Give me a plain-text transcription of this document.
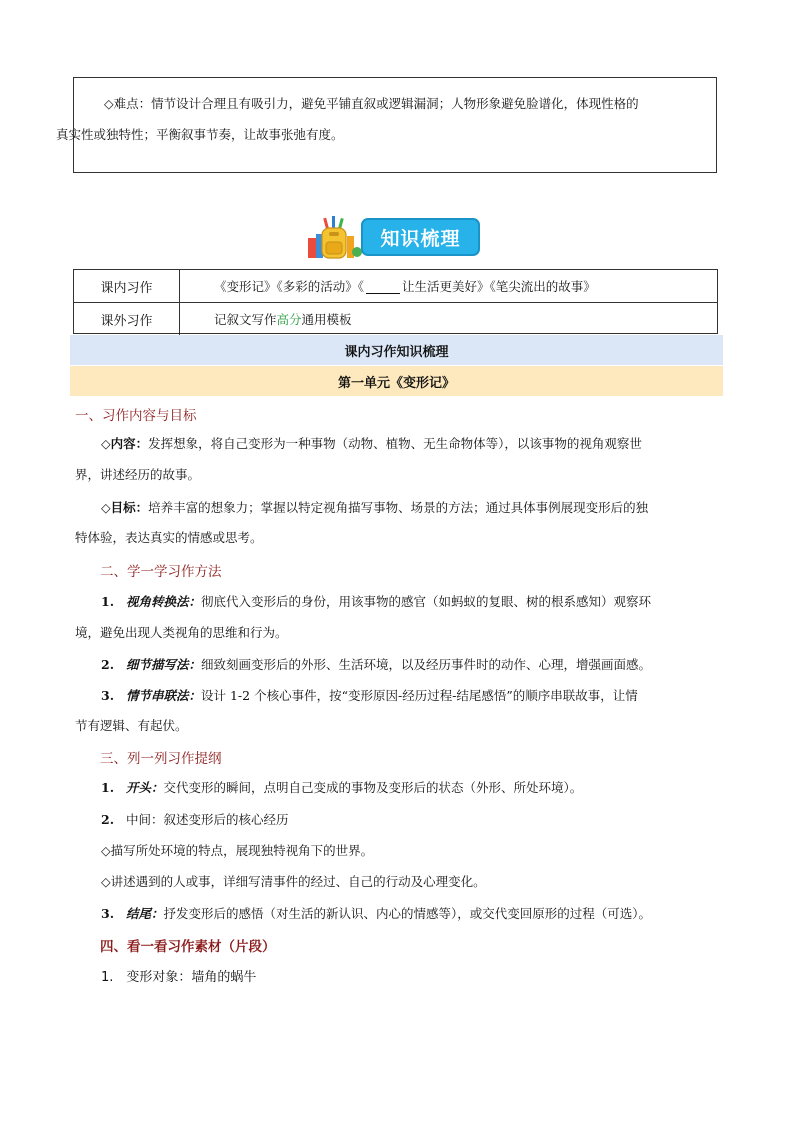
◇难点：情节设计合理且有吸引力，避免平铺直叙或逻辑漏洞；人物形象避免脸谱化，体现性格的
真实性或独特性；平衡叙事节奏，让故事张弛有度。
知识梳理
课内习作	《变形记》《多彩的活动》《	让生活更美好》《笔尖流出的故事》
课外习作	记叙文写作 高分 通用模板
课内习作知识梳理
第一单元《变形记》
一、习作内容与目标
◇内容：发挥想象，将自己变形为一种事物（动物、植物、无生命物体等），以该事物的视角观察世
界，讲述经历的故事。
◇目标：培养丰富的想象力；掌握以特定视角描写事物、场景的方法；通过具体事例展现变形后的独
特体验，表达真实的情感或思考。
二、学一学习作方法
1. 视角转换法：彻底代入变形后的身份，用该事物的感官（如蚂蚁的复眼、树的根系感知）观察环
境，避免出现人类视角的思维和行为。
2. 细节描写法：细致刻画变形后的外形、生活环境，以及经历事件时的动作、心理，增强画面感。
3. 情节串联法：设计 1-2 个核心事件，按“变形原因-经历过程-结尾感悟”的顺序串联故事，让情
节有逻辑、有起伏。
三、列一列习作提纲
1. 开头：交代变形的瞬间，点明自己变成的事物及变形后的状态（外形、所处环境）。
2. 中间：叙述变形后的核心经历
◇描写所处环境的特点，展现独特视角下的世界。
◇讲述遇到的人或事，详细写清事件的经过、自己的行动及心理变化。
3. 结尾：抒发变形后的感悟（对生活的新认识、内心的情感等），或交代变回原形的过程（可选）。
四、看一看习作素材（片段）
1.　变形对象：墙角的蜗牛
